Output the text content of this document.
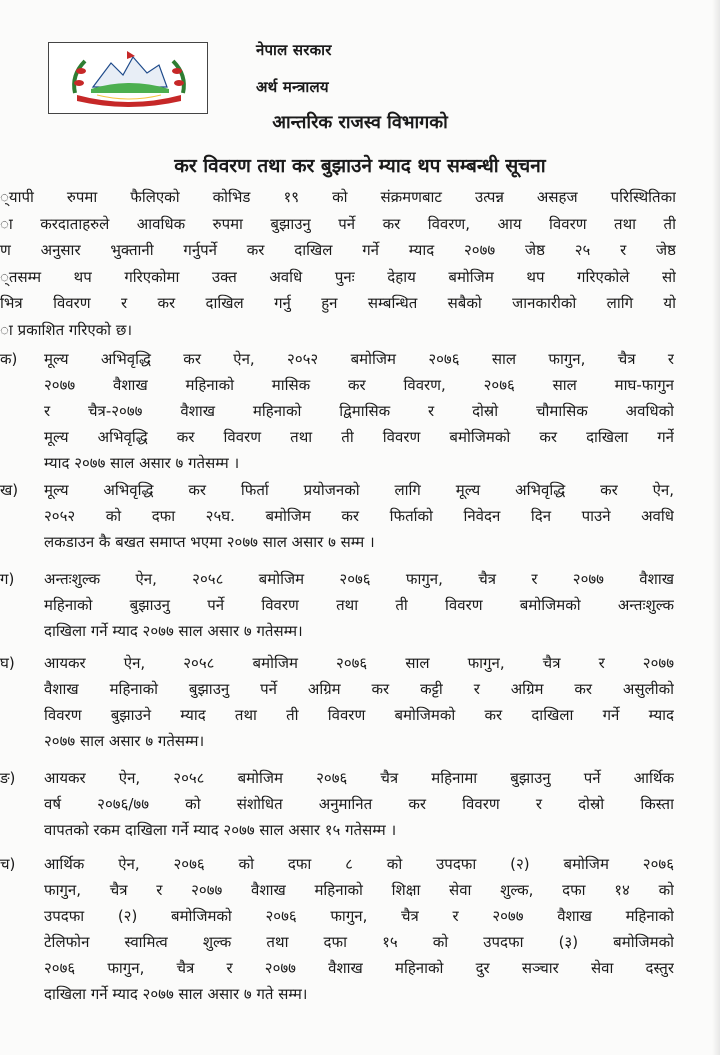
नेपाल सरकार
अर्थ मन्त्रालय
आन्तरिक राजस्व विभागको
कर विवरण तथा कर बुझाउने म्याद थप सम्बन्धी सूचना
्यापी रुपमा फैलिएको कोभिड १९ को संक्रमणबाट उत्पन्न असहज परिस्थितिका
ा करदाताहरुले आवधिक रुपमा बुझाउनु पर्ने कर विवरण, आय विवरण तथा ती
ण अनुसार भुक्तानी गर्नुपर्ने कर दाखिल गर्ने म्याद २०७७ जेष्ठ २५ र जेष्ठ
्तसम्म थप गरिएकोमा उक्त अवधि पुनः देहाय बमोजिम थप गरिएकोले सो
भित्र विवरण र कर दाखिल गर्नु हुन सम्बन्धित सबैको जानकारीको लागि यो
ा प्रकाशित गरिएको छ।
क) मूल्य अभिवृद्धि कर ऐन, २०५२ बमोजिम २०७६ साल फागुन, चैत्र र
२०७७ वैशाख महिनाको मासिक कर विवरण, २०७६ साल माघ-फागुन
र चैत्र-२०७७ वैशाख महिनाको द्विमासिक र दोस्रो चौमासिक अवधिको
मूल्य अभिवृद्धि कर विवरण तथा ती विवरण बमोजिमको कर दाखिला गर्ने
म्याद २०७७ साल असार ७ गतेसम्म ।
ख) मूल्य अभिवृद्धि कर फिर्ता प्रयोजनको लागि मूल्य अभिवृद्धि कर ऐन,
२०५२ को दफा २५घ. बमोजिम कर फिर्ताको निवेदन दिन पाउने अवधि
लकडाउन कै बखत समाप्त भएमा २०७७ साल असार ७ सम्म ।
ग) अन्तःशुल्क ऐन, २०५८ बमोजिम २०७६ फागुन, चैत्र र २०७७ वैशाख
महिनाको बुझाउनु पर्ने विवरण तथा ती विवरण बमोजिमको अन्तःशुल्क
दाखिला गर्ने म्याद २०७७ साल असार ७ गतेसम्म।
घ) आयकर ऐन, २०५८ बमोजिम २०७६ साल फागुन, चैत्र र २०७७
वैशाख महिनाको बुझाउनु पर्ने अग्रिम कर कट्टी र अग्रिम कर असुलीको
विवरण बुझाउने म्याद तथा ती विवरण बमोजिमको कर दाखिला गर्ने म्याद
२०७७ साल असार ७ गतेसम्म।
ङ) आयकर ऐन, २०५८ बमोजिम २०७६ चैत्र महिनामा बुझाउनु पर्ने आर्थिक
वर्ष २०७६/७७ को संशोधित अनुमानित कर विवरण र दोस्रो किस्ता
वापतको रकम दाखिला गर्ने म्याद २०७७ साल असार १५ गतेसम्म ।
च) आर्थिक ऐन, २०७६ को दफा ८ को उपदफा (२) बमोजिम २०७६
फागुन, चैत्र र २०७७ वैशाख महिनाको शिक्षा सेवा शुल्क, दफा १४ को
उपदफा (२) बमोजिमको २०७६ फागुन, चैत्र र २०७७ वैशाख महिनाको
टेलिफोन स्वामित्व शुल्क तथा दफा १५ को उपदफा (३) बमोजिमको
२०७६ फागुन, चैत्र र २०७७ वैशाख महिनाको दुर सञ्चार सेवा दस्तुर
दाखिला गर्ने म्याद २०७७ साल असार ७ गते सम्म।
